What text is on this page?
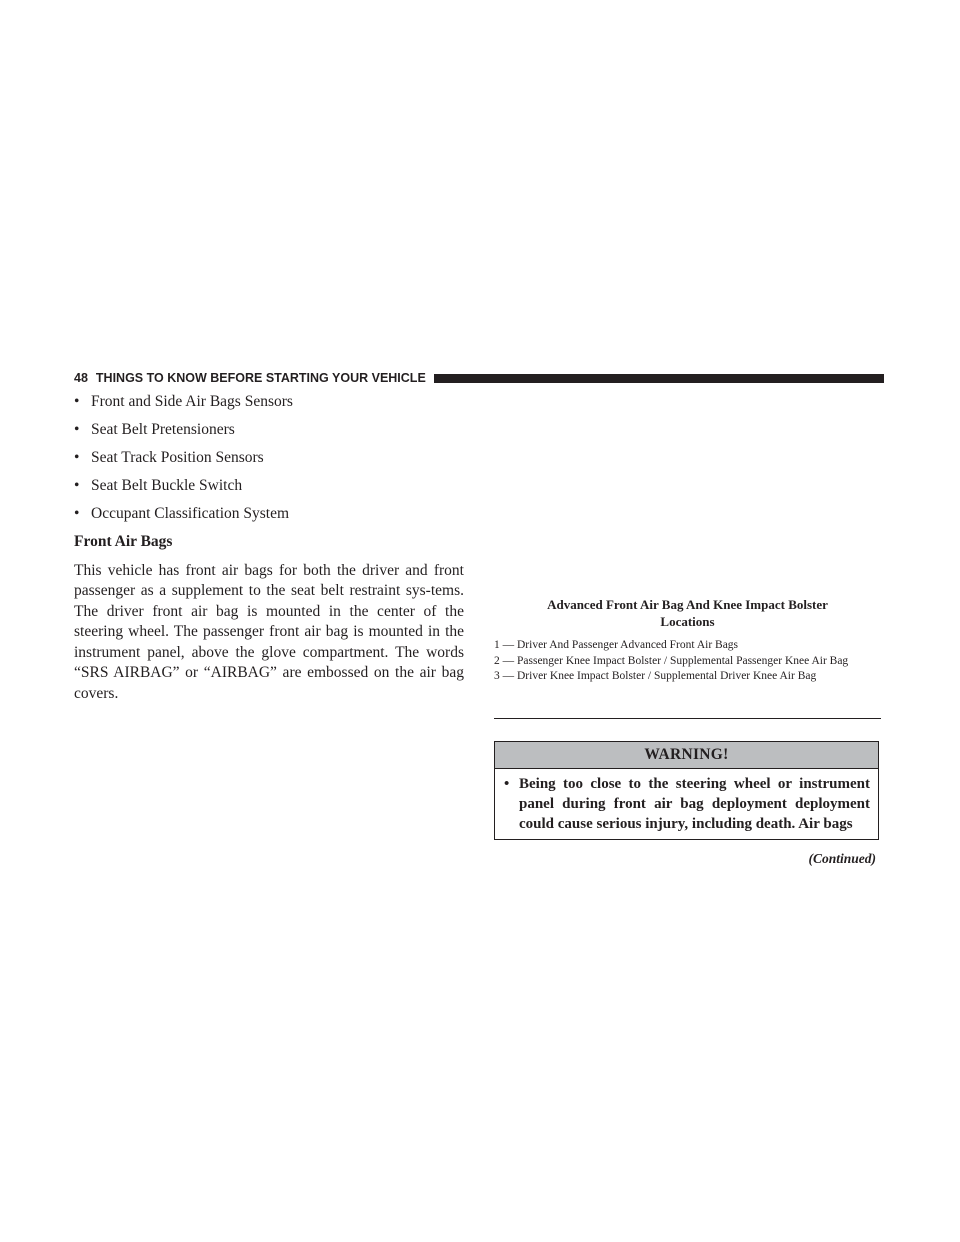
48 THINGS TO KNOW BEFORE STARTING YOUR VEHICLE
• Front and Side Air Bags Sensors
• Seat Belt Pretensioners
• Seat Track Position Sensors
• Seat Belt Buckle Switch
• Occupant Classification System
Front Air Bags

This vehicle has front air bags for both the driver and front passenger as a supplement to the seat belt restraint sys-tems. The driver front air bag is mounted in the center of the steering wheel. The passenger front air bag is mounted in the instrument panel, above the glove compartment. The words “SRS AIRBAG” or “AIRBAG” are embossed on the air bag covers.

Advanced Front Air Bag And Knee Impact Bolster
Locations
1 — Driver And Passenger Advanced Front Air Bags
2 — Passenger Knee Impact Bolster / Supplemental Passenger Knee Air Bag
3 — Driver Knee Impact Bolster / Supplemental Driver Knee Air Bag
WARNING!
• Being too close to the steering wheel or instrument panel during front air bag deployment deployment could cause serious injury, including death. Air bags
(Continued)
